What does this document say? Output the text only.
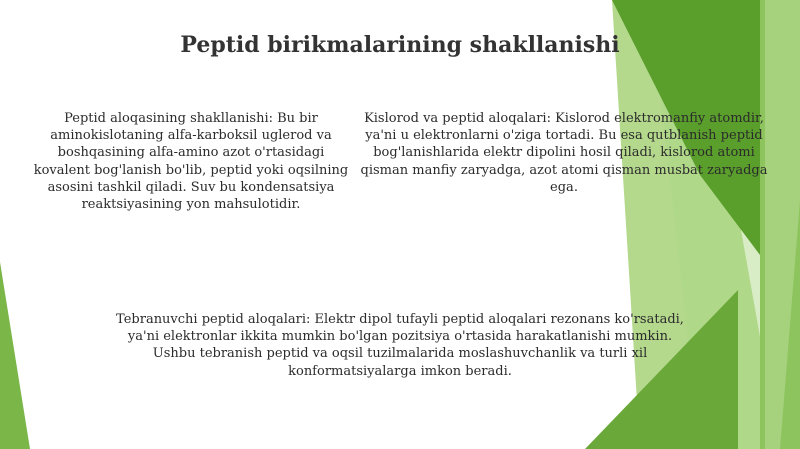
Peptid birikmalarining shakllanishi

Peptid aloqasining shakllanishi: Bu bir aminokislotaning alfa-karboksil uglerod va boshqasining alfa-amino azot o'rtasidagi kovalent bog'lanish bo'lib, peptid yoki oqsilning asosini tashkil qiladi. Suv bu kondensatsiya reaktsiyasining yon mahsulotidir.

Kislorod va peptid aloqalari: Kislorod elektromanfiy atomdir, ya'ni u elektronlarni o'ziga tortadi. Bu esa qutblanish peptid bog'lanishlarida elektr dipolini hosil qiladi, kislorod atomi qisman manfiy zaryadga, azot atomi qisman musbat zaryadga ega.

Tebranuvchi peptid aloqalari: Elektr dipol tufayli peptid aloqalari rezonans ko'rsatadi, ya'ni elektronlar ikkita mumkin bo'lgan pozitsiya o'rtasida harakatlanishi mumkin. Ushbu tebranish peptid va oqsil tuzilmalarida moslashuvchanlik va turli xil konformatsiyalarga imkon beradi.
